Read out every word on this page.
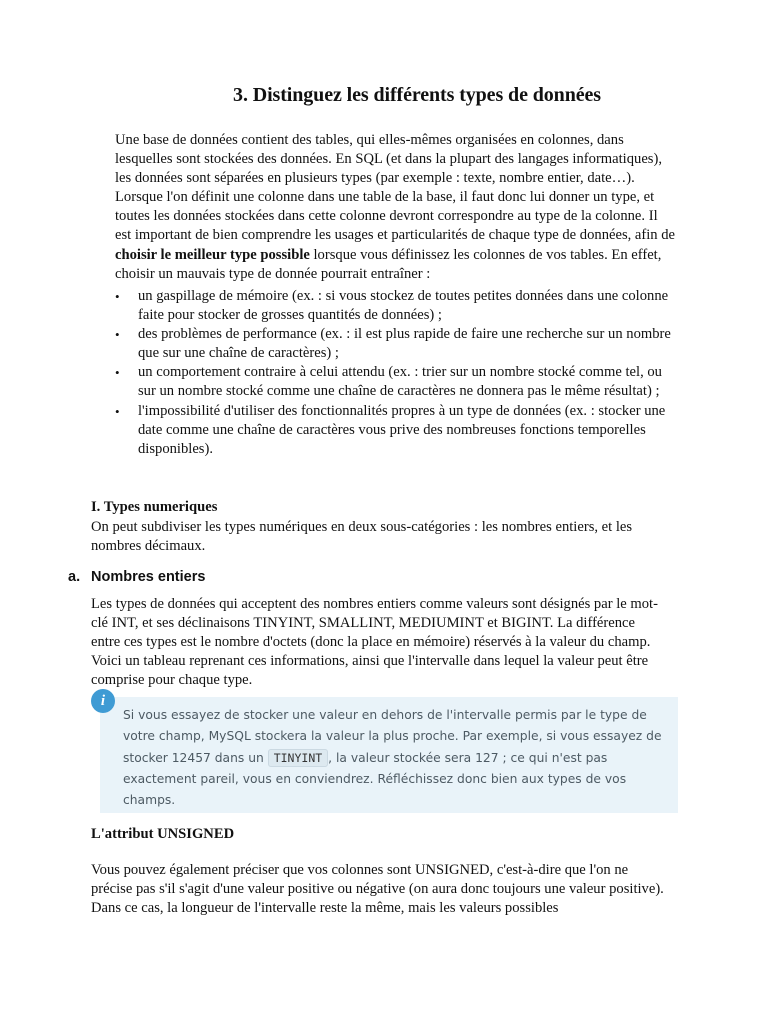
3. Distinguez les différents types de données

Une base de données contient des tables, qui elles-mêmes organisées en colonnes, dans lesquelles sont stockées des données. En SQL (et dans la plupart des langages informatiques), les données sont séparées en plusieurs types (par exemple : texte, nombre entier, date…). Lorsque l'on définit une colonne dans une table de la base, il faut donc lui donner un type, et toutes les données stockées dans cette colonne devront correspondre au type de la colonne. Il est important de bien comprendre les usages et particularités de chaque type de données, afin de choisir le meilleur type possible lorsque vous définissez les colonnes de vos tables. En effet, choisir un mauvais type de donnée pourrait entraîner :

• un gaspillage de mémoire (ex. : si vous stockez de toutes petites données dans une colonne faite pour stocker de grosses quantités de données) ;
• des problèmes de performance (ex. : il est plus rapide de faire une recherche sur un nombre que sur une chaîne de caractères) ;
• un comportement contraire à celui attendu (ex. : trier sur un nombre stocké comme tel, ou sur un nombre stocké comme une chaîne de caractères ne donnera pas le même résultat) ;
• l'impossibilité d'utiliser des fonctionnalités propres à un type de données (ex. : stocker une date comme une chaîne de caractères vous prive des nombreuses fonctions temporelles disponibles).
I. Types numeriques

On peut subdiviser les types numériques en deux sous-catégories : les nombres entiers, et les nombres décimaux.

a. Nombres entiers

Les types de données qui acceptent des nombres entiers comme valeurs sont désignés par le mot-clé INT, et ses déclinaisons TINYINT, SMALLINT, MEDIUMINT et BIGINT. La différence entre ces types est le nombre d'octets (donc la place en mémoire) réservés à la valeur du champ. Voici un tableau reprenant ces informations, ainsi que l'intervalle dans lequel la valeur peut être comprise pour chaque type.

i

Si vous essayez de stocker une valeur en dehors de l'intervalle permis par le type de votre champ, MySQL stockera la valeur la plus proche. Par exemple, si vous essayez de stocker 12457 dans un TINYINT , la valeur stockée sera 127 ; ce qui n'est pas exactement pareil, vous en conviendrez. Réfléchissez donc bien aux types de vos champs.

L'attribut UNSIGNED

Vous pouvez également préciser que vos colonnes sont UNSIGNED, c'est-à-dire que l'on ne précise pas s'il s'agit d'une valeur positive ou négative (on aura donc toujours une valeur positive). Dans ce cas, la longueur de l'intervalle reste la même, mais les valeurs possibles
